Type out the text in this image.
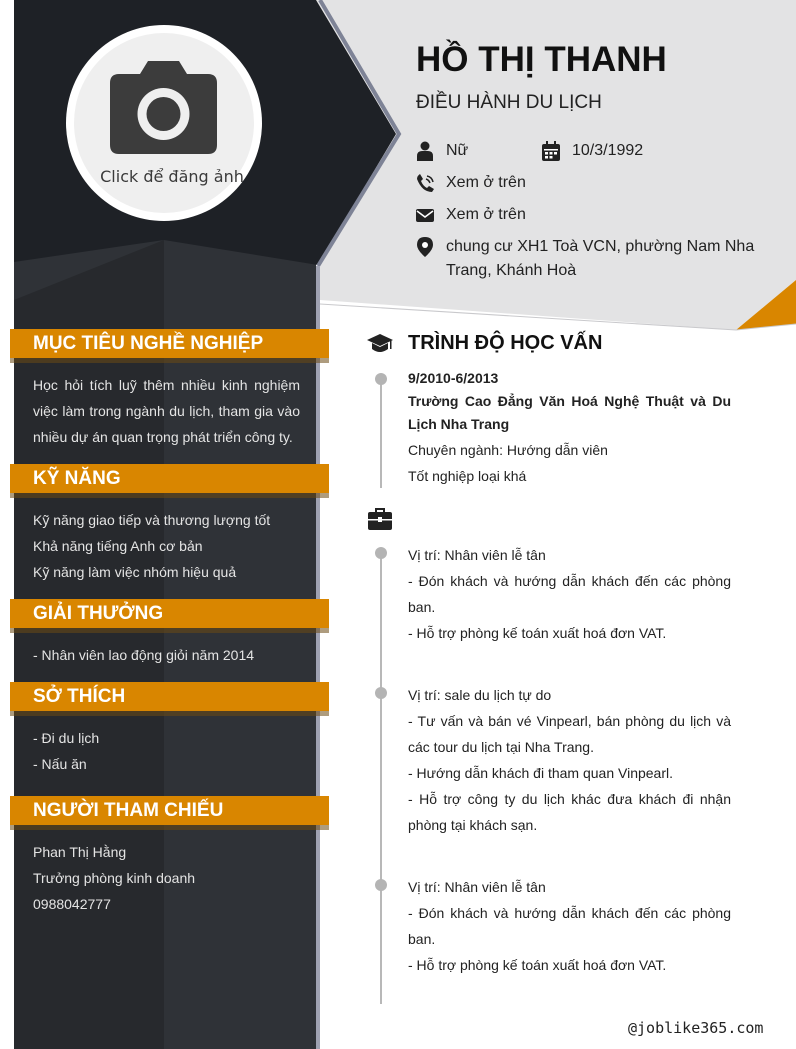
Click để đăng ảnh
HỒ THỊ THANH
ĐIỀU HÀNH DU LỊCH
Nữ	10/3/1992
Xem ở trên
Xem ở trên
chung cư XH1 Toà VCN, phường Nam Nha
Trang, Khánh Hoà
MỤC TIÊU NGHỀ NGHIỆP
Học hỏi tích luỹ thêm nhiều kinh nghiệm việc làm trong ngành du lịch, tham gia vào nhiều dự án quan trọng phát triển công ty.
KỸ NĂNG
Kỹ năng giao tiếp và thương lượng tốt
Khả năng tiếng Anh cơ bản
Kỹ năng làm việc nhóm hiệu quả
GIẢI THƯỞNG
- Nhân viên lao động giỏi năm 2014
SỞ THÍCH
- Đi du lịch
- Nấu ăn
NGƯỜI THAM CHIẾU
Phan Thị Hằng
Trưởng phòng kinh doanh
0988042777
TRÌNH ĐỘ HỌC VẤN
9/2010-6/2013
Trường Cao Đẳng Văn Hoá Nghệ Thuật và Du Lịch Nha Trang
Chuyên ngành: Hướng dẫn viên
Tốt nghiệp loại khá
Vị trí: Nhân viên lễ tân
- Đón khách và hướng dẫn khách đến các phòng ban.
- Hỗ trợ phòng kế toán xuất hoá đơn VAT.
Vị trí: sale du lịch tự do
- Tư vấn và bán vé Vinpearl, bán phòng du lịch và các tour du lịch tại Nha Trang.
- Hướng dẫn khách đi tham quan Vinpearl.
- Hỗ trợ công ty du lịch khác đưa khách đi nhận phòng tại khách sạn.
Vị trí: Nhân viên lễ tân
- Đón khách và hướng dẫn khách đến các phòng ban.
- Hỗ trợ phòng kế toán xuất hoá đơn VAT.
@joblike365.com
